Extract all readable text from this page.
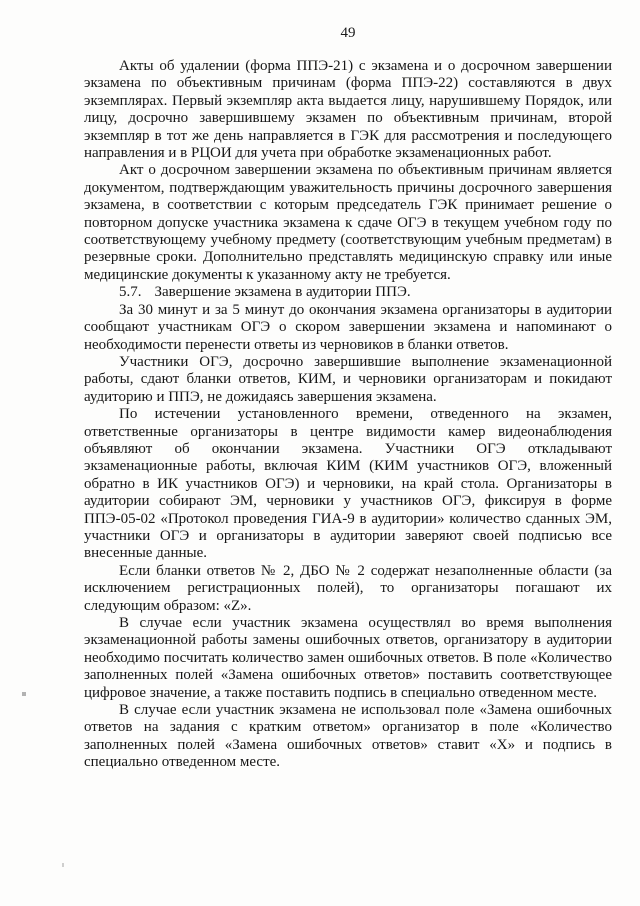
49

Акты об удалении (форма ППЭ-21) с экзамена и о досрочном завершении экзамена по объективным причинам (форма ППЭ-22) составляются в двух экземплярах. Первый экземпляр акта выдается лицу, нарушившему Порядок, или лицу, досрочно завершившему экзамен по объективным причинам, второй экземпляр в тот же день направляется в ГЭК для рассмотрения и последующего направления и в РЦОИ для учета при обработке экзаменационных работ.

Акт о досрочном завершении экзамена по объективным причинам является документом, подтверждающим уважительность причины досрочного завершения экзамена, в соответствии с которым председатель ГЭК принимает решение о повторном допуске участника экзамена к сдаче ОГЭ в текущем учебном году по соответствующему учебному предмету (соответствующим учебным предметам) в резервные сроки. Дополнительно представлять медицинскую справку или иные медицинские документы к указанному акту не требуется.

5.7. Завершение экзамена в аудитории ППЭ.

За 30 минут и за 5 минут до окончания экзамена организаторы в аудитории сообщают участникам ОГЭ о скором завершении экзамена и напоминают о необходимости перенести ответы из черновиков в бланки ответов.

Участники ОГЭ, досрочно завершившие выполнение экзаменационной работы, сдают бланки ответов, КИМ, и черновики организаторам и покидают аудиторию и ППЭ, не дожидаясь завершения экзамена.

По истечении установленного времени, отведенного на экзамен, ответственные организаторы в центре видимости камер видеонаблюдения объявляют об окончании экзамена. Участники ОГЭ откладывают экзаменационные работы, включая КИМ (КИМ участников ОГЭ, вложенный обратно в ИК участников ОГЭ) и черновики, на край стола. Организаторы в аудитории собирают ЭМ, черновики у участников ОГЭ, фиксируя в форме ППЭ-05-02 «Протокол проведения ГИА-9 в аудитории» количество сданных ЭМ, участники ОГЭ и организаторы в аудитории заверяют своей подписью все внесенные данные.

Если бланки ответов № 2, ДБО № 2 содержат незаполненные области (за исключением регистрационных полей), то организаторы погашают их следующим образом: «Z».

В случае если участник экзамена осуществлял во время выполнения экзаменационной работы замены ошибочных ответов, организатору в аудитории необходимо посчитать количество замен ошибочных ответов. В поле «Количество заполненных полей «Замена ошибочных ответов» поставить соответствующее цифровое значение, а также поставить подпись в специально отведенном месте.

В случае если участник экзамена не использовал поле «Замена ошибочных ответов на задания с кратким ответом» организатор в поле «Количество заполненных полей «Замена ошибочных ответов» ставит «Х» и подпись в специально отведенном месте.
